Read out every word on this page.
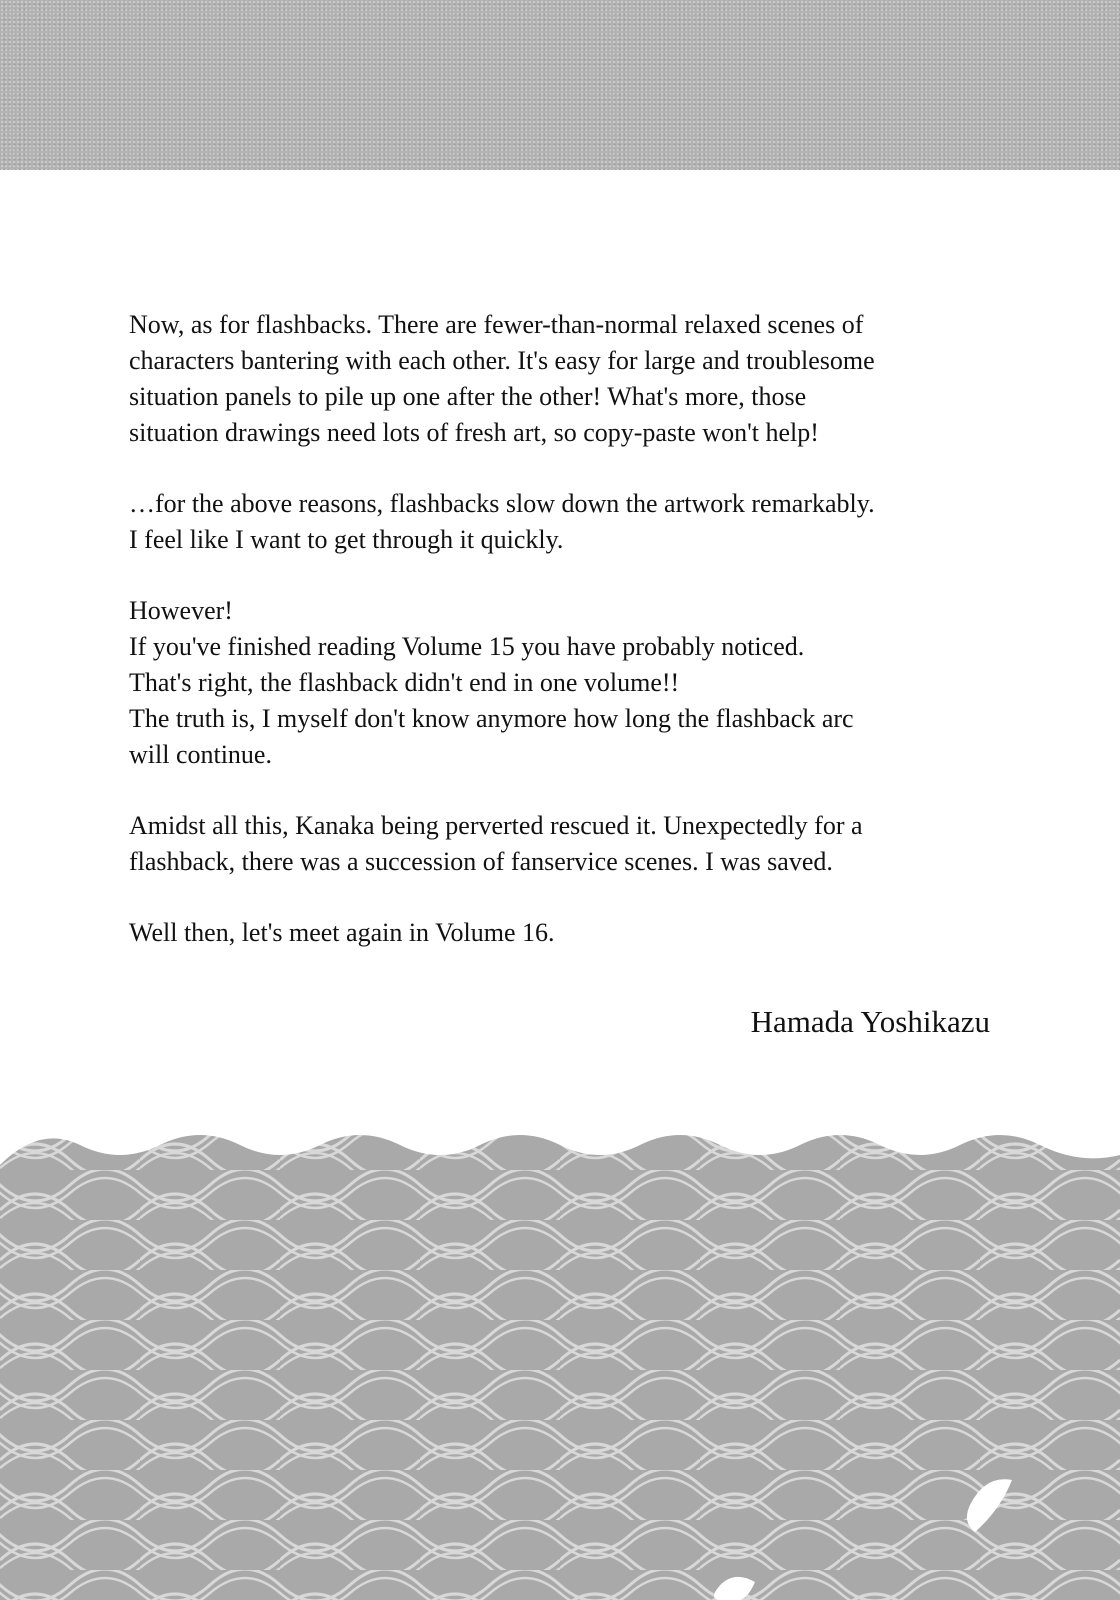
Now, as for flashbacks. There are fewer-than-normal relaxed scenes of
characters bantering with each other. It's easy for large and troublesome
situation panels to pile up one after the other! What's more, those
situation drawings need lots of fresh art, so copy-paste won't help!

…for the above reasons, flashbacks slow down the artwork remarkably.
I feel like I want to get through it quickly.

However!
If you've finished reading Volume 15 you have probably noticed.
That's right, the flashback didn't end in one volume!!
The truth is, I myself don't know anymore how long the flashback arc
will continue.

Amidst all this, Kanaka being perverted rescued it. Unexpectedly for a
flashback, there was a succession of fanservice scenes. I was saved.

Well then, let's meet again in Volume 16.

Hamada Yoshikazu
